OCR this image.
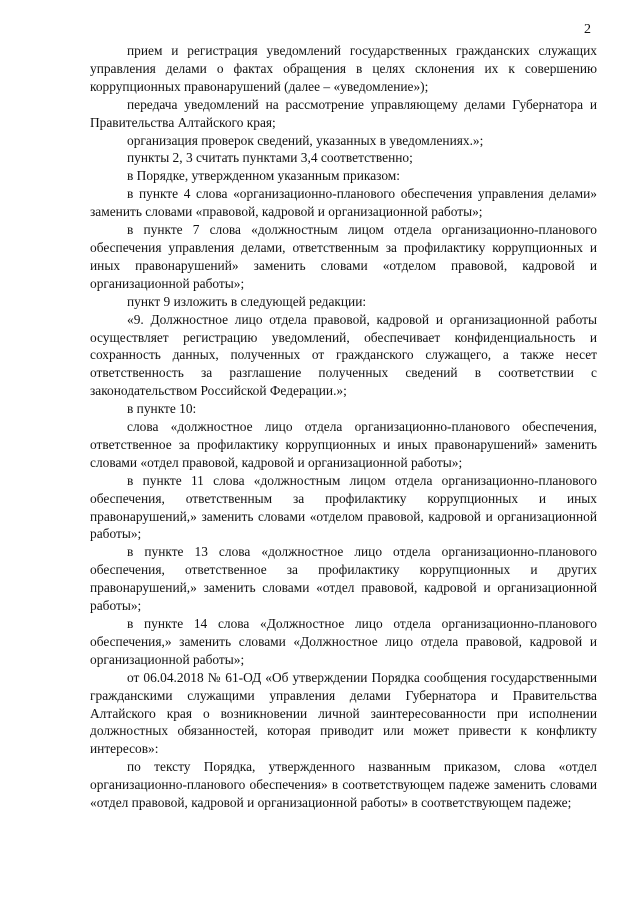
2

прием и регистрация уведомлений государственных гражданских служащих управления делами о фактах обращения в целях склонения их к совершению коррупционных правонарушений (далее – «уведомление»);

передача уведомлений на рассмотрение управляющему делами Губернатора и Правительства Алтайского края;

организация проверок сведений, указанных в уведомлениях.»;

пункты 2, 3 считать пунктами 3,4 соответственно;

в Порядке, утвержденном указанным приказом:

в пункте 4 слова «организационно-планового обеспечения управления делами» заменить словами «правовой, кадровой и организационной работы»;

в пункте 7 слова «должностным лицом отдела организационно-планового обеспечения управления делами, ответственным за профилактику коррупционных и иных правонарушений» заменить словами «отделом правовой, кадровой и организационной работы»;

пункт 9 изложить в следующей редакции:

«9. Должностное лицо отдела правовой, кадровой и организационной работы осуществляет регистрацию уведомлений, обеспечивает конфиденциальность и сохранность данных, полученных от гражданского служащего, а также несет ответственность за разглашение полученных сведений в соответствии с законодательством Российской Федерации.»;

в пункте 10:

слова «должностное лицо отдела организационно-планового обеспечения, ответственное за профилактику коррупционных и иных правонарушений» заменить словами «отдел правовой, кадровой и организационной работы»;

в пункте 11 слова «должностным лицом отдела организационно-планового обеспечения, ответственным за профилактику коррупционных и иных правонарушений,» заменить словами «отделом правовой, кадровой и организационной работы»;

в пункте 13 слова «должностное лицо отдела организационно-планового обеспечения, ответственное за профилактику коррупционных и других правонарушений,» заменить словами «отдел правовой, кадровой и организационной работы»;

в пункте 14 слова «Должностное лицо отдела организационно-планового обеспечения,» заменить словами «Должностное лицо отдела правовой, кадровой и организационной работы»;

от 06.04.2018 № 61-ОД «Об утверждении Порядка сообщения государственными гражданскими служащими управления делами Губернатора и Правительства Алтайского края о возникновении личной заинтересованности при исполнении должностных обязанностей, которая приводит или может привести к конфликту интересов»:

по тексту Порядка, утвержденного названным приказом, слова «отдел организационно-планового обеспечения» в соответствующем падеже заменить словами «отдел правовой, кадровой и организационной работы» в соответствующем падеже;
